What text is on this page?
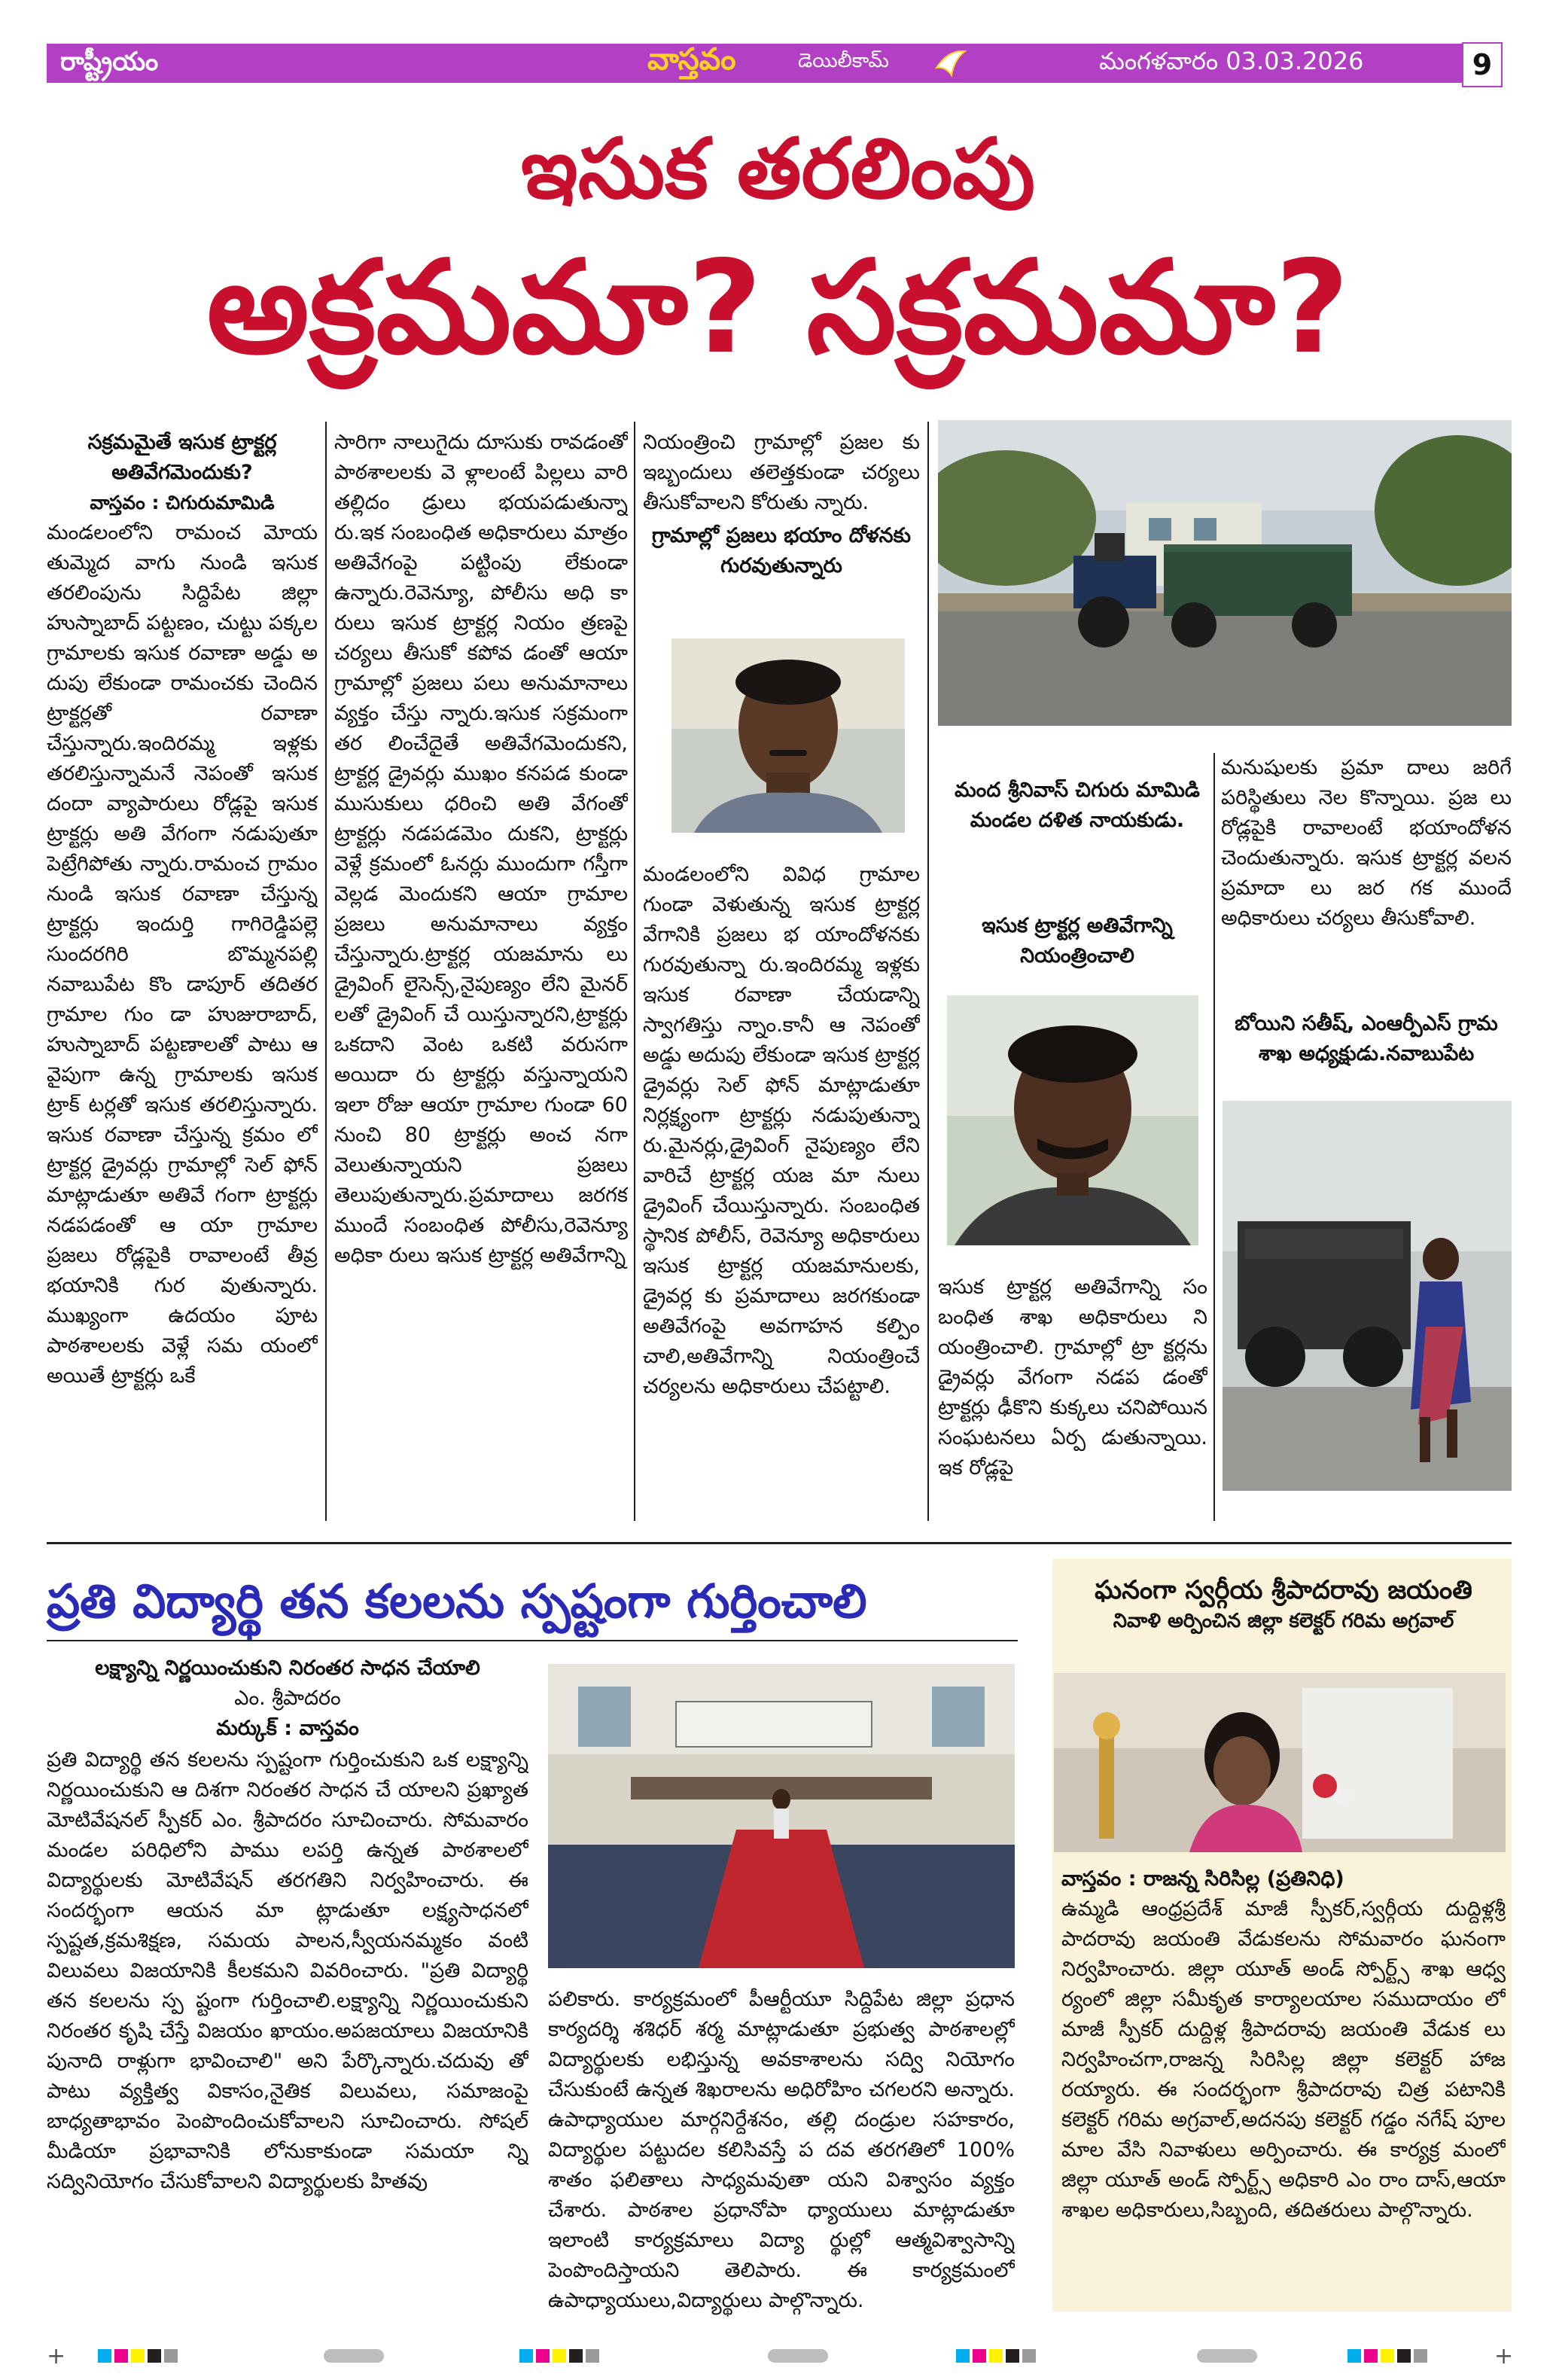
రాష్ట్రీయం	వాస్తవం	డెయిలీకామ్	మంగళవారం 03.03.2026	9
ఇసుక తరలింపు
అక్రమమా? సక్రమమా?
సక్రమమైతే ఇసుక ట్రాక్టర్ల అతివేగమెందుకు?
వాస్తవం : చిగురుమామిడి

మండలంలోని రామంచ మోయ తుమ్మెద వాగు నుండి ఇసుక తరలింపును సిద్దిపేట జిల్లా హుస్నాబాద్ పట్టణం, చుట్టు పక్కల గ్రామాలకు ఇసుక రవాణా అడ్డు అ దుపు లేకుండా రామంచకు చెందిన ట్రాక్టర్లతో రవాణా చేస్తున్నారు.ఇందిరమ్మ ఇళ్లకు తరలిస్తున్నామనే నెపంతో ఇసుక దందా వ్యాపారులు రోడ్లపై ఇసుక ట్రాక్టర్లు అతి వేగంగా నడుపుతూ పెట్రేగిపోతు న్నారు.రామంచ గ్రామం నుండి ఇసుక రవాణా చేస్తున్న ట్రాక్టర్లు ఇందుర్తి గాగిరెడ్డిపల్లె సుందరగిరి బొమ్మనపల్లి నవాబుపేట కొం డాపూర్ తదితర గ్రామాల గుం డా హుజురాబాద్, హుస్నాబాద్ పట్టణాలతో పాటు ఆ వైపుగా ఉన్న గ్రామాలకు ఇసుక ట్రాక్ టర్లతో ఇసుక తరలిస్తున్నారు. ఇసుక రవాణా చేస్తున్న క్రమం లో ట్రాక్టర్ల డ్రైవర్లు గ్రామాల్లో సెల్ ఫోన్ మాట్లాడుతూ అతివే గంగా ట్రాక్టర్లు నడపడంతో ఆ యా గ్రామాల ప్రజలు రోడ్లపైకి రావాలంటే తీవ్ర భయానికి గుర వుతున్నారు. ముఖ్యంగా ఉదయం పూట పాఠశాలలకు వెళ్లే సమ యంలో అయితే ట్రాక్టర్లు ఒకే

సారిగా నాలుగైదు దూసుకు రావడంతో పాఠశాలలకు వె ళ్లాలంటే పిల్లలు వారి తల్లిదం డ్రులు భయపడుతున్నా రు.ఇక సంబంధిత అధికారులు మాత్రం అతివేగంపై పట్టింపు లేకుండా ఉన్నారు.రెవెన్యూ, పోలీసు అధి కా రులు ఇసుక ట్రాక్టర్ల నియం త్రణపై చర్యలు తీసుకో కపోవ డంతో ఆయా గ్రామాల్లో ప్రజలు పలు అనుమానాలు వ్యక్తం చేస్తు న్నారు.ఇసుక సక్రమంగా తర లించేదైతే అతివేగమెందుకని, ట్రాక్టర్ల డ్రైవర్లు ముఖం కనపడ కుండా ముసుకులు ధరించి అతి వేగంతో ట్రాక్టర్లు నడపడమెం దుకని, ట్రాక్టర్లు వెళ్లే క్రమంలో ఓనర్లు ముందుగా గస్తీగా వెల్లడ మెందుకని ఆయా గ్రామాల ప్రజలు అనుమానాలు వ్యక్తం చేస్తున్నారు.ట్రాక్టర్ల యజమాను లు డ్రైవింగ్ లైసెన్స్,నైపుణ్యం లేని మైనర్ లతో డ్రైవింగ్ చే యిస్తున్నారని,ట్రాక్టర్లు ఒకదాని వెంట ఒకటి వరుసగా అయిదా రు ట్రాక్టర్లు వస్తున్నాయని ఇలా రోజు ఆయా గ్రామాల గుండా 60 నుంచి 80 ట్రాక్టర్లు అంచ నగా వెలుతున్నాయని ప్రజలు తెలుపుతున్నారు.ప్రమాదాలు జరగక ముందే సంబంధిత పోలీసు,రెవెన్యూ అధికా రులు ఇసుక ట్రాక్టర్ల అతివేగాన్ని

నియంత్రించి గ్రామాల్లో ప్రజల కు ఇబ్బందులు తలెత్తకుండా చర్యలు తీసుకోవాలని కోరుతు న్నారు.

గ్రామాల్లో ప్రజలు భయాం దోళనకు గురవుతున్నారు

మండలంలోని వివిధ గ్రామాల గుండా వెళుతున్న ఇసుక ట్రాక్టర్ల వేగానికి ప్రజలు భ యాందోళనకు గురవుతున్నా రు.ఇందిరమ్మ ఇళ్లకు ఇసుక రవాణా చేయడాన్ని స్వాగతిస్తు న్నాం.కానీ ఆ నెపంతో అడ్డు అదుపు లేకుండా ఇసుక ట్రాక్టర్ల డ్రైవర్లు సెల్ ఫోన్ మాట్లాడుతూ నిర్లక్ష్యంగా ట్రాక్టర్లు నడుపుతున్నా రు.మైనర్లు,డ్రైవింగ్ నైపుణ్యం లేని వారిచే ట్రాక్టర్ల యజ మా నులు డ్రైవింగ్ చేయిస్తున్నారు. సంబంధిత స్థానిక పోలీస్, రెవెన్యూ అధికారులు ఇసుక ట్రాక్టర్ల యజమానులకు, డ్రైవర్ల కు ప్రమాదాలు జరగకుండా అతివేగంపై అవగాహన కల్పిం చాలి,అతివేగాన్ని నియంత్రించే చర్యలను అధికారులు చేపట్టాలి.

మంద శ్రీనివాస్ చిగురు మామిడి మండల దళిత నాయకుడు.
ఇసుక ట్రాక్టర్ల అతివేగాన్ని నియంత్రించాలి

ఇసుక ట్రాక్టర్ల అతివేగాన్ని సం బంధిత శాఖ అధికారులు ని యంత్రించాలి. గ్రామాల్లో ట్రా క్టర్లను డ్రైవర్లు వేగంగా నడప డంతో ట్రాక్టర్లు ఢీకొని కుక్కలు చనిపోయిన సంఘటనలు ఏర్ప డుతున్నాయి. ఇక రోడ్లపై

మనుషులకు ప్రమా దాలు జరిగే పరిస్థితులు నెల కొన్నాయి. ప్రజ లు రోడ్లపైకి రావాలంటే భయాందోళన చెందుతున్నారు. ఇసుక ట్రాక్టర్ల వలన ప్రమాదా లు జర గక ముందే అధికారులు చర్యలు తీసుకోవాలి.

బోయిని సతీష్, ఎంఆర్పీఎస్ గ్రామ శాఖ అధ్యక్షుడు.నవాబుపేట
ప్రతి విద్యార్థి తన కలలను స్పష్టంగా గుర్తించాలి
లక్ష్యాన్ని నిర్ణయించుకుని నిరంతర సాధన చేయాలి
ఎం. శ్రీపాదరం
మర్కుక్ : వాస్తవం

ప్రతి విద్యార్థి తన కలలను స్పష్టంగా గుర్తించుకుని ఒక లక్ష్యాన్ని నిర్ణయించుకుని ఆ దిశగా నిరంతర సాధన చే యాలని ప్రఖ్యాత మోటివేషనల్ స్పీకర్ ఎం. శ్రీపాదరం సూచించారు. సోమవారం మండల పరిధిలోని పాము లపర్తి ఉన్నత పాఠశాలలో విద్యార్థులకు మోటివేషన్ తరగతిని నిర్వహించారు. ఈ సందర్భంగా ఆయన మా ట్లాడుతూ లక్ష్యసాధనలో స్పష్టత,క్రమశిక్షణ, సమయ పాలన,స్వీయనమ్మకం వంటి విలువలు విజయానికి కీలకమని వివరించారు. "ప్రతి విద్యార్థి తన కలలను స్ప ష్టంగా గుర్తించాలి.లక్ష్యాన్ని నిర్ణయించుకుని నిరంతర కృషి చేస్తే విజయం ఖాయం.అపజయాలు విజయానికి పునాది రాళ్లుగా భావించాలి" అని పేర్కొన్నారు.చదువు తో పాటు వ్యక్తిత్వ వికాసం,నైతిక విలువలు, సమాజంపై బాధ్యతాభావం పెంపొందించుకోవాలని సూచించారు. సోషల్ మీడియా ప్రభావానికి లోనుకాకుండా సమయా న్ని సద్వినియోగం చేసుకోవాలని విద్యార్థులకు హితవు

పలికారు. కార్యక్రమంలో పీఆర్టీయూ సిద్దిపేట జిల్లా ప్రధాన కార్యదర్శి శశిధర్ శర్మ మాట్లాడుతూ ప్రభుత్వ పాఠశాలల్లో విద్యార్థులకు లభిస్తున్న అవకాశాలను సద్వి నియోగం చేసుకుంటే ఉన్నత శిఖరాలను అధిరోహిం చగలరని అన్నారు. ఉపాధ్యాయుల మార్గనిర్దేశనం, తల్లి దండ్రుల సహకారం, విద్యార్థుల పట్టుదల కలిసివస్తే ప దవ తరగతిలో 100% శాతం ఫలితాలు సాధ్యమవుతా యని విశ్వాసం వ్యక్తం చేశారు. పాఠశాల ప్రధానోపా ధ్యాయులు మాట్లాడుతూ ఇలాంటి కార్యక్రమాలు విద్యా ర్థుల్లో ఆత్మవిశ్వాసాన్ని పెంపొందిస్తాయని తెలిపారు. ఈ కార్యక్రమంలో ఉపాధ్యాయులు,విద్యార్థులు పాల్గొన్నారు.

ఘనంగా స్వర్గీయ శ్రీపాదరావు జయంతి
నివాళి అర్పించిన జిల్లా కలెక్టర్ గరిమ అగ్రవాల్
వాస్తవం : రాజన్న సిరిసిల్ల (ప్రతినిధి)

ఉమ్మడి ఆంధ్రప్రదేశ్ మాజీ స్పీకర్,స్వర్గీయ దుద్దిళ్లశ్రీ పాదరావు జయంతి వేడుకలను సోమవారం ఘనంగా నిర్వహించారు. జిల్లా యూత్ అండ్ స్పోర్ట్స్ శాఖ ఆధ్వ ర్యంలో జిల్లా సమీకృత కార్యాలయాల సముదాయం లో మాజీ స్పీకర్ దుద్దిళ్ల శ్రీపాదరావు జయంతి వేడుక లు నిర్వహించగా,రాజన్న సిరిసిల్ల జిల్లా కలెక్టర్ హాజ రయ్యారు. ఈ సందర్భంగా శ్రీపాదరావు చిత్ర పటానికి కలెక్టర్ గరిమ అగ్రవాల్,అదనపు కలెక్టర్ గడ్డం నగేష్ పూల మాల వేసి నివాళులు అర్పించారు. ఈ కార్యక్ర మంలో జిల్లా యూత్ అండ్ స్పోర్ట్స్ అధికారి ఎం రాం దాస్,ఆయా శాఖల అధికారులు,సిబ్బంది, తదితరులు పాల్గొన్నారు.

+	+
